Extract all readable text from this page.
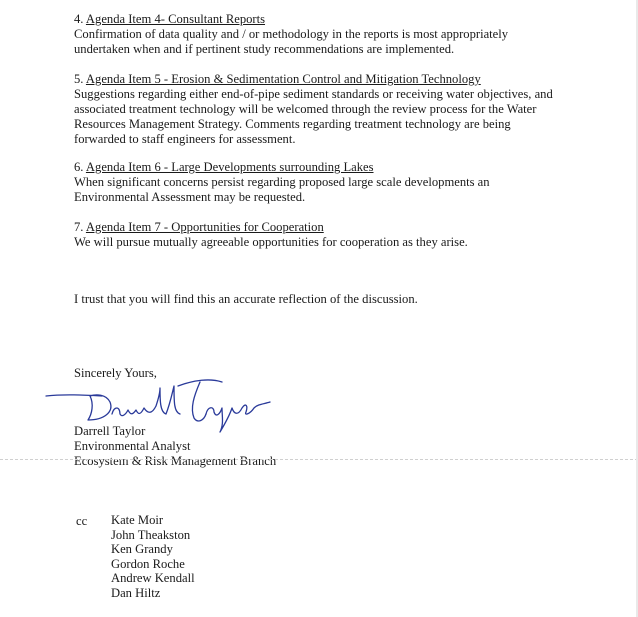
4. Agenda Item 4- Consultant Reports
Confirmation of data quality and / or methodology in the reports is most appropriately
undertaken when and if pertinent study recommendations are implemented.
5. Agenda Item 5 - Erosion & Sedimentation Control and Mitigation Technology
Suggestions regarding either end-of-pipe sediment standards or receiving water objectives, and
associated treatment technology will be welcomed through the review process for the Water
Resources Management Strategy. Comments regarding treatment technology are being
forwarded to staff engineers for assessment.
6. Agenda Item 6 - Large Developments surrounding Lakes
When significant concerns persist regarding proposed large scale developments an
Environmental Assessment may be requested.
7. Agenda Item 7 - Opportunities for Cooperation
We will pursue mutually agreeable opportunities for cooperation as they arise.
I trust that you will find this an accurate reflection of the discussion.
Sincerely Yours,
Darrell Taylor
Environmental Analyst
Ecosystem & Risk Management Branch
cc Kate Moir
John Theakston
Ken Grandy
Gordon Roche
Andrew Kendall
Dan Hiltz
